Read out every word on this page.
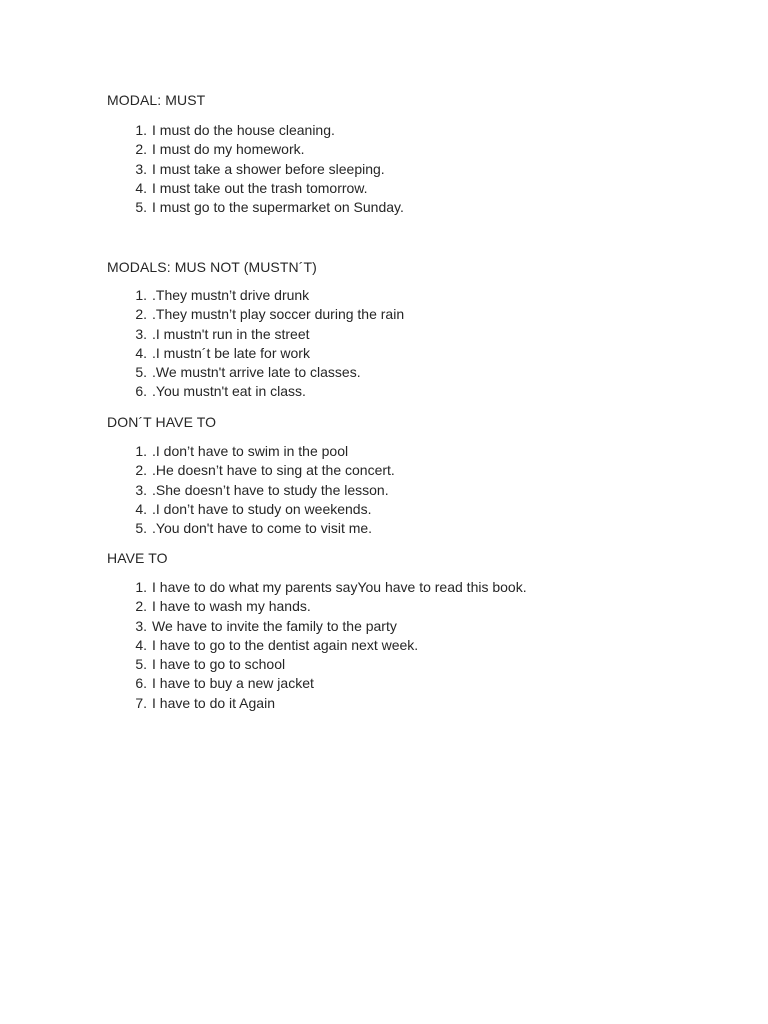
MODAL: MUST
1. I must do the house cleaning.
2. I must do my homework.
3. I must take a shower before sleeping.
4. I must take out the trash tomorrow.
5. I must go to the supermarket on Sunday.
MODALS: MUS NOT (MUSTN´T)
1. .They mustn’t drive drunk
2. .They mustn’t play soccer during the rain
3. .I mustn't run in the street
4. .I mustn´t be late for work
5. .We mustn't arrive late to classes.
6. .You mustn't eat in class.
DON´T HAVE TO
1. .I don’t have to swim in the pool
2. .He doesn’t have to sing at the concert.
3. .She doesn’t have to study the lesson.
4. .I don’t have to study on weekends.
5. .You don't have to come to visit me.
HAVE TO
1. I have to do what my parents sayYou have to read this book.
2. I have to wash my hands.
3. We have to invite the family to the party
4. I have to go to the dentist again next week.
5. I have to go to school
6. I have to buy a new jacket
7. I have to do it Again
